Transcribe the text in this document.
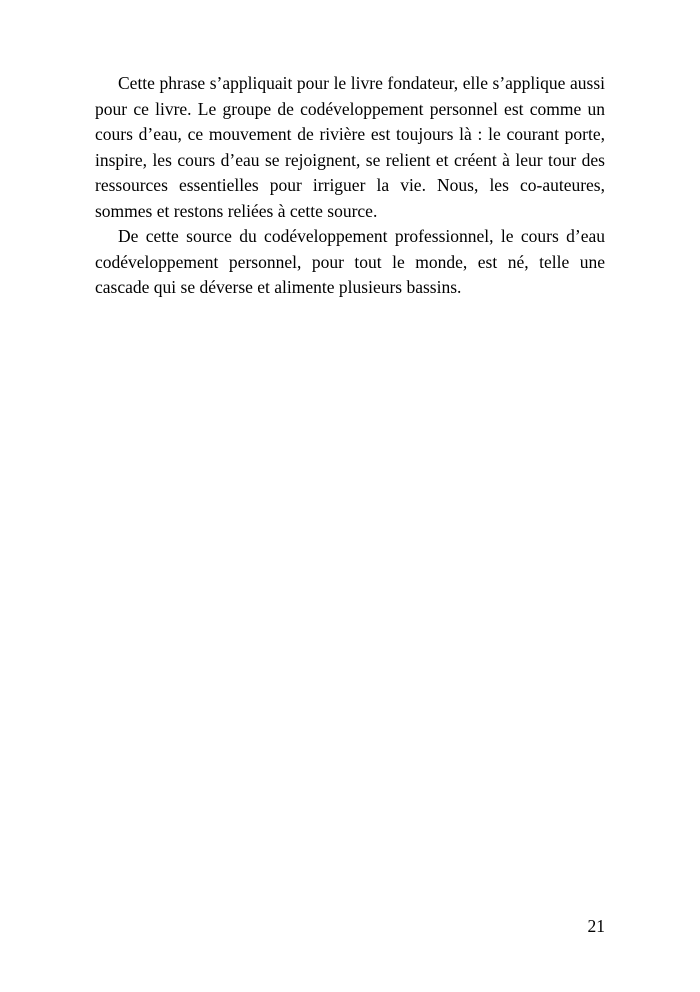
Cette phrase s’appliquait pour le livre fondateur, elle s’applique aussi pour ce livre. Le groupe de codéveloppement personnel est comme un cours d’eau, ce mouvement de rivière est toujours là : le courant porte, inspire, les cours d’eau se rejoignent, se relient et créent à leur tour des ressources essentielles pour irriguer la vie. Nous, les co-auteures, sommes et restons reliées à cette source.

De cette source du codéveloppement professionnel, le cours d’eau codéveloppement personnel, pour tout le monde, est né, telle une cascade qui se déverse et alimente plusieurs bassins.

21
